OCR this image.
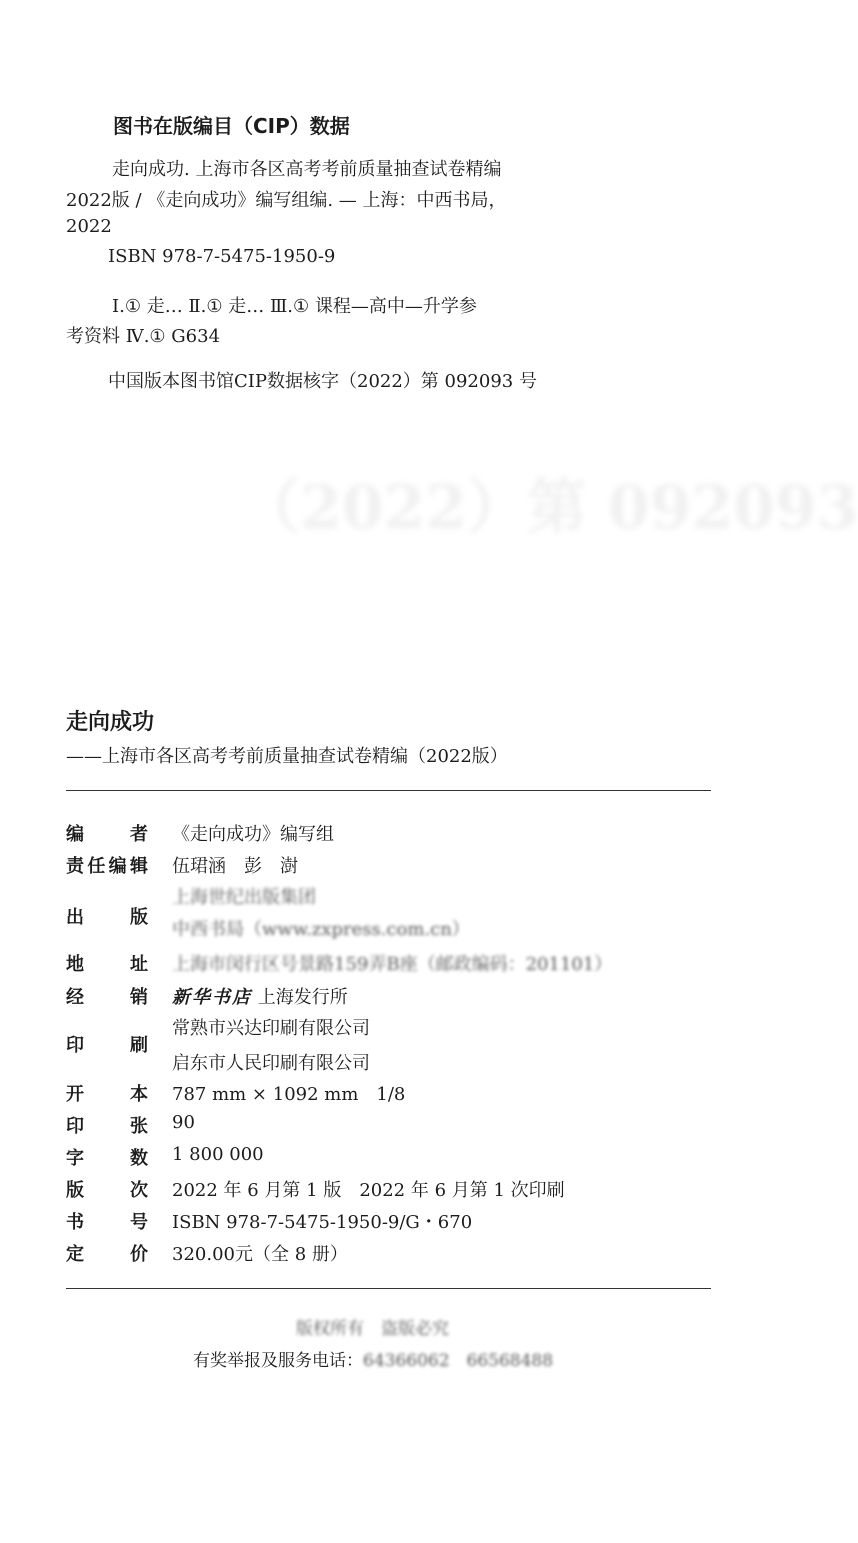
图书在版编目（CIP）数据
走向成功. 上海市各区高考考前质量抽查试卷精编
2022版 / 《走向成功》编写组编. — 上海：中西书局，
2022
ISBN 978-7-5475-1950-9
Ⅰ.① 走… Ⅱ.① 走… Ⅲ.① 课程—高中—升学参
考资料 Ⅳ.① G634
中国版本图书馆CIP数据核字（2022）第 092093 号
（2022）第 092093
走向成功
——上海市各区高考考前质量抽查试卷精编（2022版）
编　　者 《走向成功》编写组
责任编辑 伍珺涵　彭　澍
出　　版
上海世纪出版集团
中西书局（www.zxpress.com.cn）
地　　址 上海市闵行区号景路159弄B座（邮政编码：201101）
经　　销 新华书店 上海发行所
印　　刷
常熟市兴达印刷有限公司
启东市人民印刷有限公司
开　　本 787 mm × 1092 mm　1/8
印　　张 90
字　　数 1 800 000
版　　次 2022 年 6 月第 1 版　2022 年 6 月第 1 次印刷
书　　号 ISBN 978-7-5475-1950-9/G・670
定　　价 320.00元（全 8 册）
版权所有　盗版必究
有奖举报及服务电话：64366062　66568488
